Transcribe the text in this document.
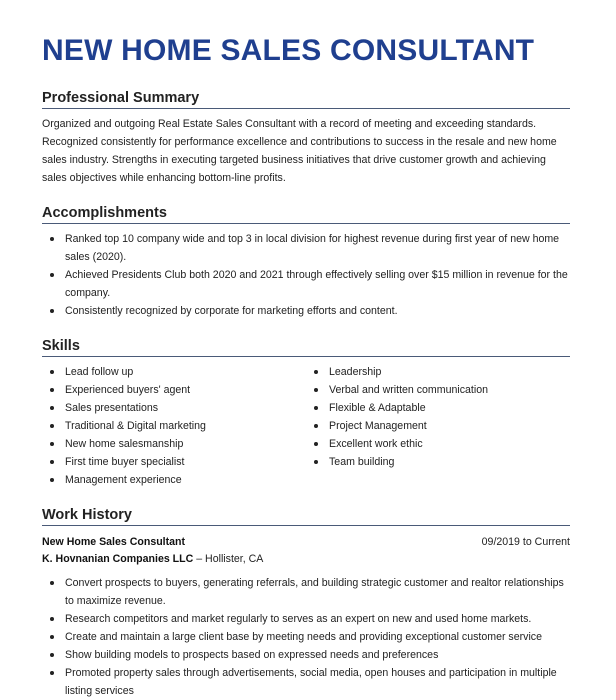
NEW HOME SALES CONSULTANT
Professional Summary

Organized and outgoing Real Estate Sales Consultant with a record of meeting and exceeding standards. Recognized consistently for performance excellence and contributions to success in the resale and new home sales industry. Strengths in executing targeted business initiatives that drive customer growth and achieving sales objectives while enhancing bottom-line profits.

Accomplishments
Ranked top 10 company wide and top 3 in local division for highest revenue during first year of new home sales (2020).
Achieved Presidents Club both 2020 and 2021 through effectively selling over $15 million in revenue for the company.
Consistently recognized by corporate for marketing efforts and content.
Skills
Lead follow up
Experienced buyers' agent
Sales presentations
Traditional & Digital marketing
New home salesmanship
First time buyer specialist
Management experience
Leadership
Verbal and written communication
Flexible & Adaptable
Project Management
Excellent work ethic
Team building
Work History
New Home Sales Consultant	09/2019 to Current
K. Hovnanian Companies LLC – Hollister, CA
Convert prospects to buyers, generating referrals, and building strategic customer and realtor relationships to maximize revenue.
Research competitors and market regularly to serves as an expert on new and used home markets.
Create and maintain a large client base by meeting needs and providing exceptional customer service
Show building models to prospects based on expressed needs and preferences
Promoted property sales through advertisements, social media, open houses and participation in multiple listing services
